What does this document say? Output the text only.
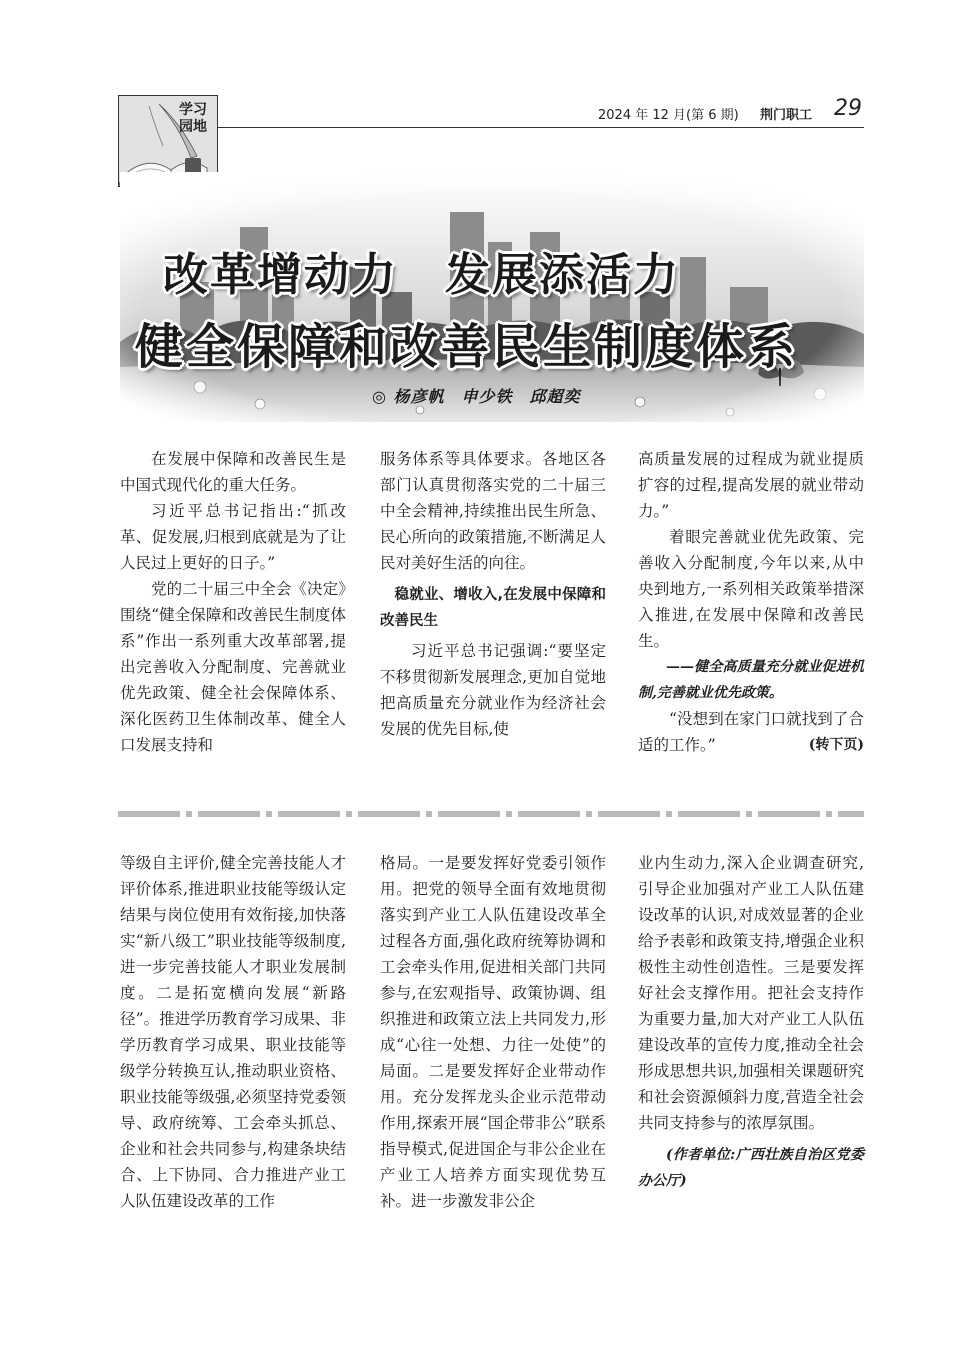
学习
园地
2024 年 12 月(第 6 期) 荆门职工 29
改革增动力　发展添活力
健全保障和改善民生制度体系
◎ 杨彦帆　申少铁　邱超奕

在发展中保障和改善民生是中国式现代化的重大任务。

习近平总书记指出:“抓改革、促发展,归根到底就是为了让人民过上更好的日子。”

党的二十届三中全会《决定》围绕“健全保障和改善民生制度体系”作出一系列重大改革部署,提出完善收入分配制度、完善就业优先政策、健全社会保障体系、深化医药卫生体制改革、健全人口发展支持和

服务体系等具体要求。各地区各部门认真贯彻落实党的二十届三中全会精神,持续推出民生所急、民心所向的政策措施,不断满足人民对美好生活的向往。

稳就业、增收入,在发展中保障和改善民生

习近平总书记强调:“要坚定不移贯彻新发展理念,更加自觉地把高质量充分就业作为经济社会发展的优先目标,使

高质量发展的过程成为就业提质扩容的过程,提高发展的就业带动力。”

着眼完善就业优先政策、完善收入分配制度,今年以来,从中央到地方,一系列相关政策举措深入推进,在发展中保障和改善民生。

——健全高质量充分就业促进机制,完善就业优先政策。

“没想到在家门口就找到了合适的工作。”	(转下页)

等级自主评价,健全完善技能人才评价体系,推进职业技能等级认定结果与岗位使用有效衔接,加快落实“新八级工”职业技能等级制度,进一步完善技能人才职业发展制度。二是拓宽横向发展“新路径”。推进学历教育学习成果、非学历教育学习成果、职业技能等级学分转换互认,推动职业资格、职业技能等级强,必须坚持党委领导、政府统筹、工会牵头抓总、企业和社会共同参与,构建条块结合、上下协同、合力推进产业工人队伍建设改革的工作

格局。一是要发挥好党委引领作用。把党的领导全面有效地贯彻落实到产业工人队伍建设改革全过程各方面,强化政府统筹协调和工会牵头作用,促进相关部门共同参与,在宏观指导、政策协调、组织推进和政策立法上共同发力,形成“心往一处想、力往一处使”的局面。二是要发挥好企业带动作用。充分发挥龙头企业示范带动作用,探索开展“国企带非公”联系指导模式,促进国企与非公企业在产业工人培养方面实现优势互补。进一步激发非公企

业内生动力,深入企业调查研究,引导企业加强对产业工人队伍建设改革的认识,对成效显著的企业给予表彰和政策支持,增强企业积极性主动性创造性。三是要发挥好社会支撑作用。把社会支持作为重要力量,加大对产业工人队伍建设改革的宣传力度,推动全社会形成思想共识,加强相关课题研究和社会资源倾斜力度,营造全社会共同支持参与的浓厚氛围。

(作者单位:广西壮族自治区党委办公厅)
